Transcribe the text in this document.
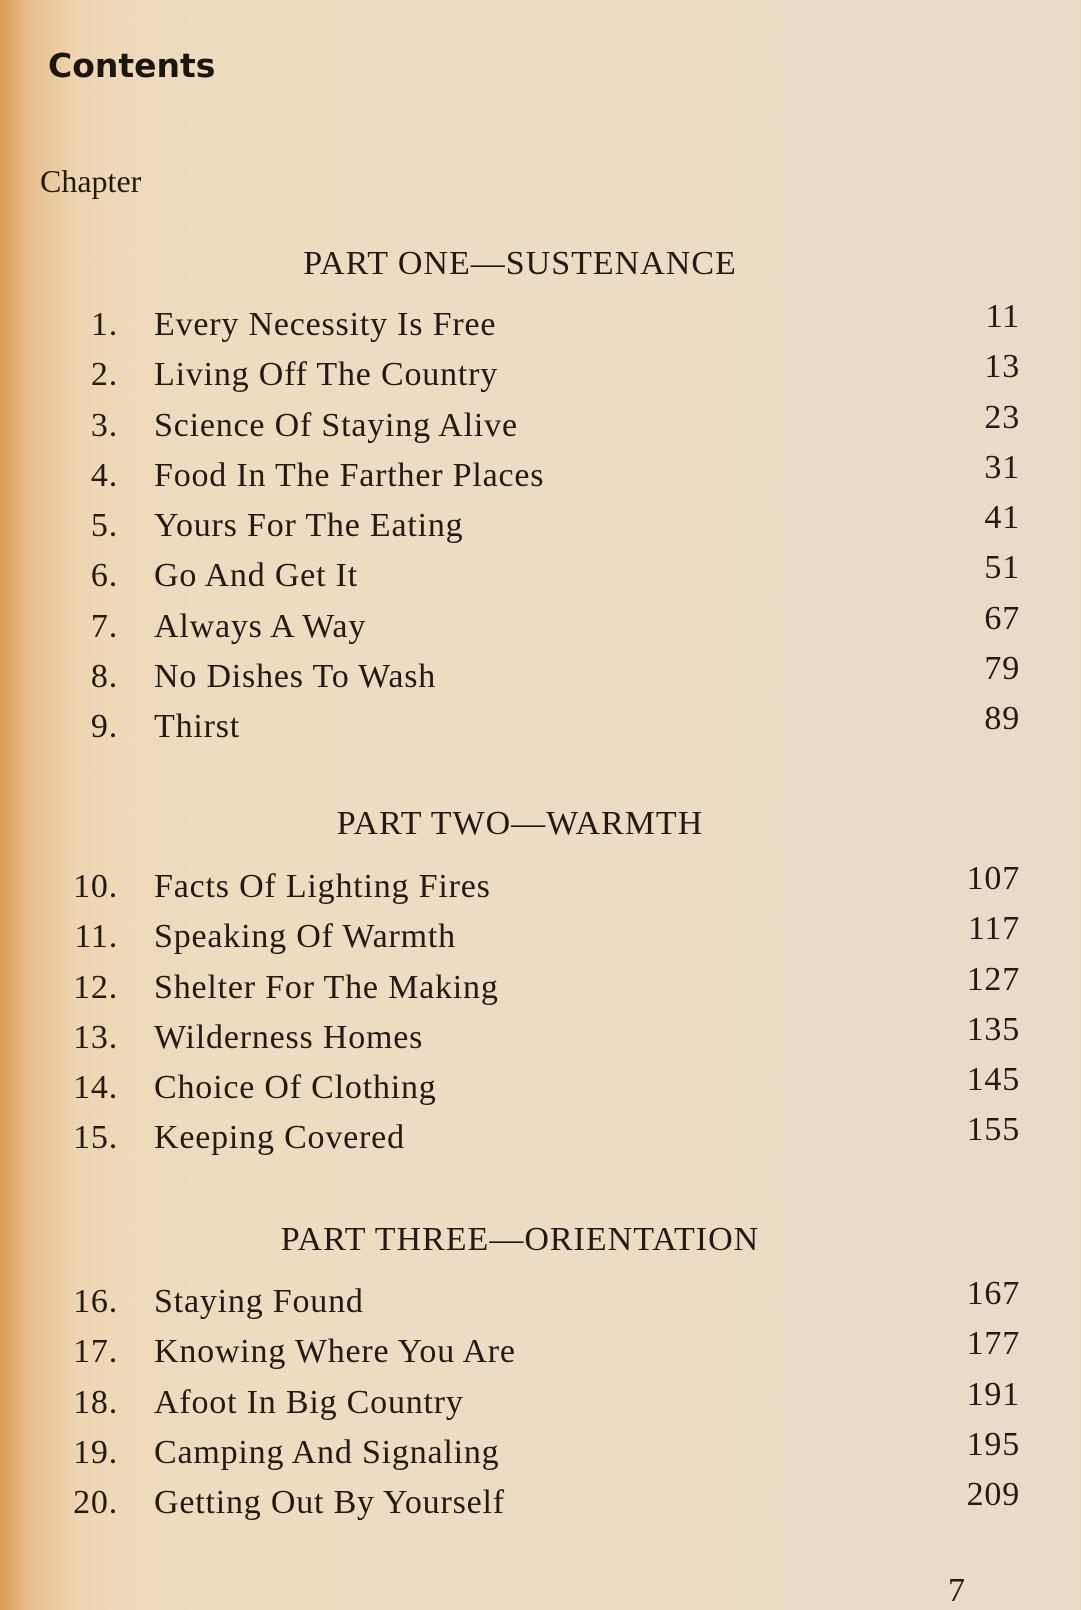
Contents
Chapter
PART ONE—SUSTENANCE
1.	Every Necessity Is Free	11
2.	Living Off The Country	13
3.	Science Of Staying Alive	23
4.	Food In The Farther Places	31
5.	Yours For The Eating	41
6.	Go And Get It	51
7.	Always A Way	67
8.	No Dishes To Wash	79
9.	Thirst	89
PART TWO—WARMTH
10.	Facts Of Lighting Fires	107
11.	Speaking Of Warmth	117
12.	Shelter For The Making	127
13.	Wilderness Homes	135
14.	Choice Of Clothing	145
15.	Keeping Covered	155
PART THREE—ORIENTATION
16.	Staying Found	167
17.	Knowing Where You Are	177
18.	Afoot In Big Country	191
19.	Camping And Signaling	195
20.	Getting Out By Yourself	209
7
